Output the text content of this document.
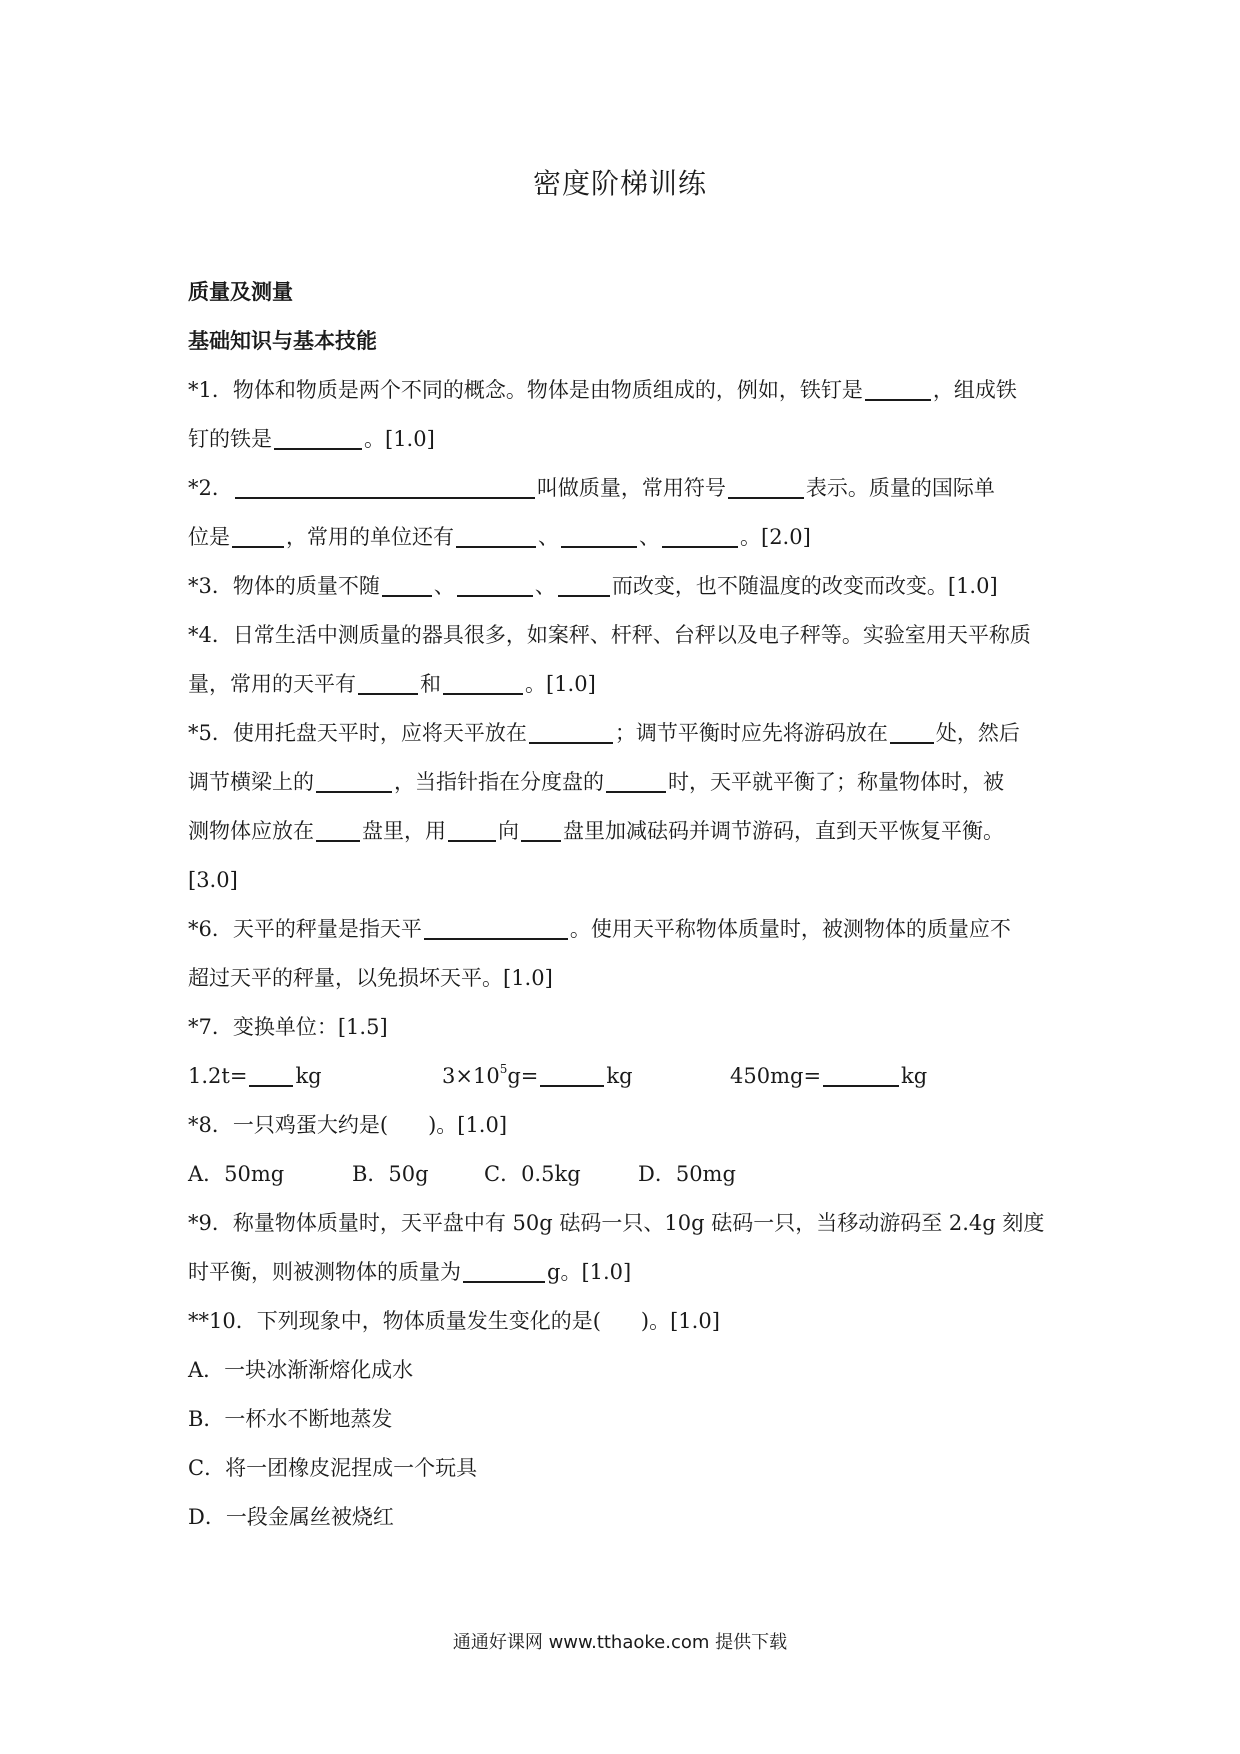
密度阶梯训练
质量及测量
基础知识与基本技能
*1．物体和物质是两个不同的概念。物体是由物质组成的，例如，铁钉是	，组成铁
钉的铁是	。[1.0]
*2．	叫做质量，常用符号	表示。质量的国际单
位是	，常用的单位还有	、	、	。[2.0]
*3．物体的质量不随	、	、	而改变，也不随温度的改变而改变。[1.0]
*4．日常生活中测质量的器具很多，如案秤、杆秤、台秤以及电子秤等。实验室用天平称质
量，常用的天平有	和	。[1.0]
*5．使用托盘天平时，应将天平放在	；调节平衡时应先将游码放在 处，然后
调节横梁上的	，当指针指在分度盘的	时，天平就平衡了；称量物体时，被
测物体应放在 盘里，用 向 盘里加减砝码并调节游码，直到天平恢复平衡。
[3.0]
*6．天平的秤量是指天平	。使用天平称物体质量时，被测物体的质量应不
超过天平的秤量，以免损坏天平。[1.0]
*7．变换单位：[1.5]
1.2t= kg	$3\times 10^5g=$	kg	450mg=	kg
*8．一只鸡蛋大约是( )。[1.0]
A．50mg	B．50g	C．0.5kg	D．50mg
*9．称量物体质量时，天平盘中有 50g 砝码一只、10g 砝码一只，当移动游码至 2.4g 刻度
时平衡，则被测物体的质量为	g。[1.0]
**10．下列现象中，物体质量发生变化的是( )。[1.0]
A．一块冰渐渐熔化成水
B．一杯水不断地蒸发
C．将一团橡皮泥捏成一个玩具
D．一段金属丝被烧红
通通好课网 www.tthaoke.com 提供下载
